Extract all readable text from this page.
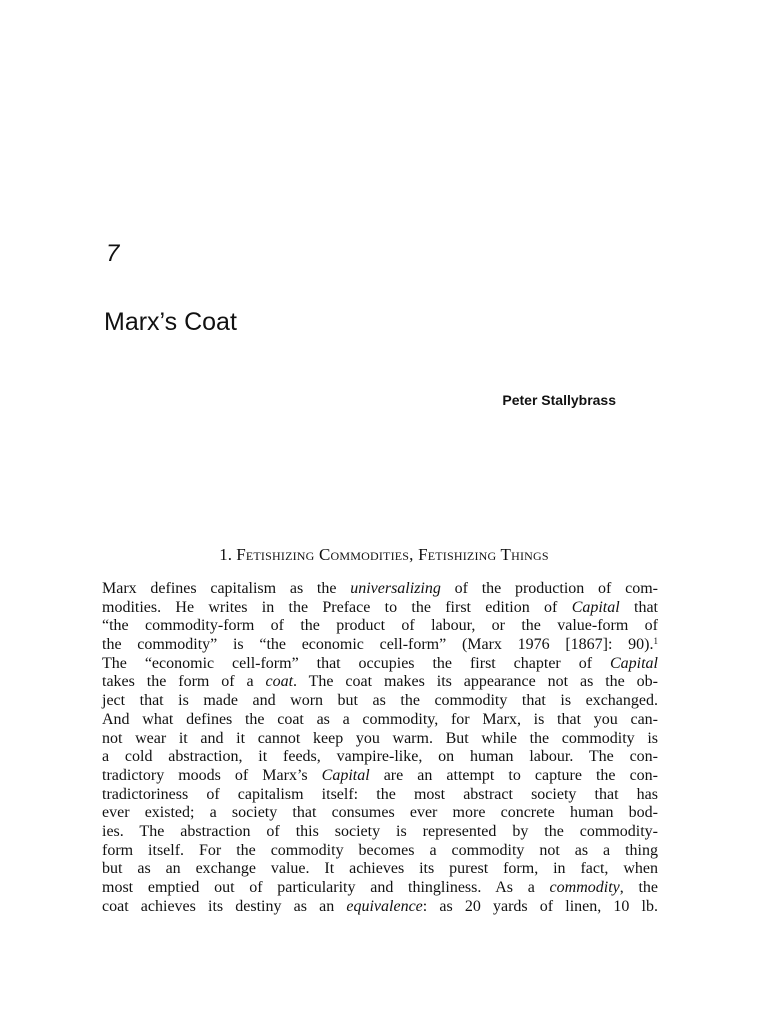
7
Marx’s Coat
Peter Stallybrass
1. Fetishizing Commodities, Fetishizing Things
Marx defines capitalism as the universalizing of the production of com-
modities. He writes in the Preface to the first edition of Capital that
“the commodity-form of the product of labour, or the value-form of
the commodity” is “the economic cell-form” (Marx 1976 [1867]: 90).$^1$
The “economic cell-form” that occupies the first chapter of Capital
takes the form of a coat. The coat makes its appearance not as the ob-
ject that is made and worn but as the commodity that is exchanged.
And what defines the coat as a commodity, for Marx, is that you can-
not wear it and it cannot keep you warm. But while the commodity is
a cold abstraction, it feeds, vampire-like, on human labour. The con-
tradictory moods of Marx’s Capital are an attempt to capture the con-
tradictoriness of capitalism itself: the most abstract society that has
ever existed; a society that consumes ever more concrete human bod-
ies. The abstraction of this society is represented by the commodity-
form itself. For the commodity becomes a commodity not as a thing
but as an exchange value. It achieves its purest form, in fact, when
most emptied out of particularity and thingliness. As a commodity, the
coat achieves its destiny as an equivalence: as 20 yards of linen, 10 lb.
